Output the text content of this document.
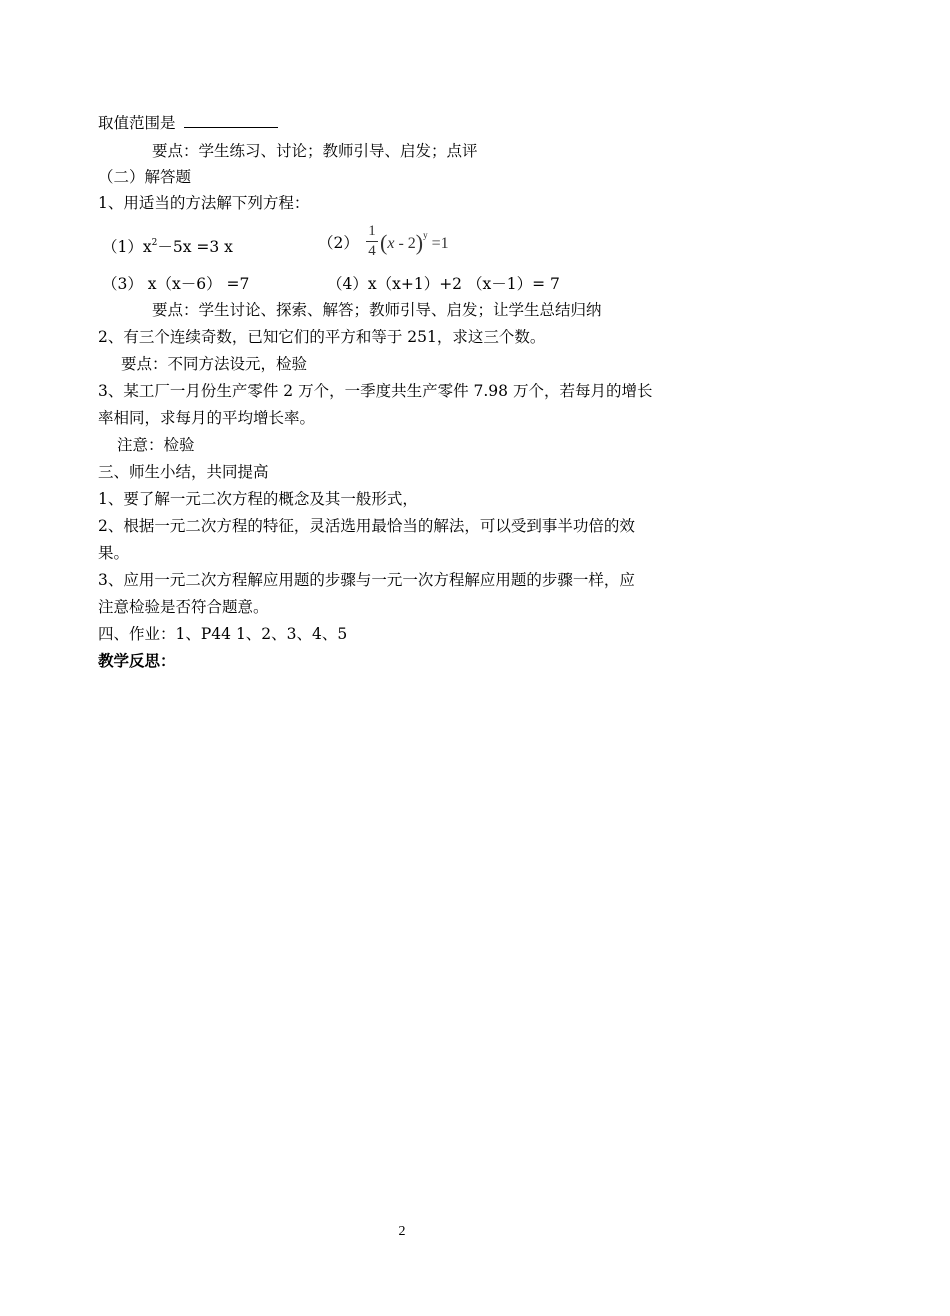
取值范围是
要点：学生练习、讨论；教师引导、启发；点评
（二）解答题
1、用适当的方法解下列方程：
$(1)x^2-5x =3$ x	（2）
1
4 (x - 2)$^y$ =1
（3） x（x－6） =7	（4）x（x+1）+2 （x－1）= 7
要点：学生讨论、探索、解答；教师引导、启发；让学生总结归纳
2、有三个连续奇数，已知它们的平方和等于 251，求这三个数。
要点：不同方法设元，检验
3、某工厂一月份生产零件 2 万个，一季度共生产零件 7.98 万个，若每月的增长
率相同，求每月的平均增长率。
注意：检验
三、师生小结，共同提高
1、要了解一元二次方程的概念及其一般形式，
2、根据一元二次方程的特征，灵活选用最恰当的解法，可以受到事半功倍的效
果。
3、应用一元二次方程解应用题的步骤与一元一次方程解应用题的步骤一样，应
注意检验是否符合题意。
四、作业：1、P44 1、2、3、4、5
教学反思：
2
